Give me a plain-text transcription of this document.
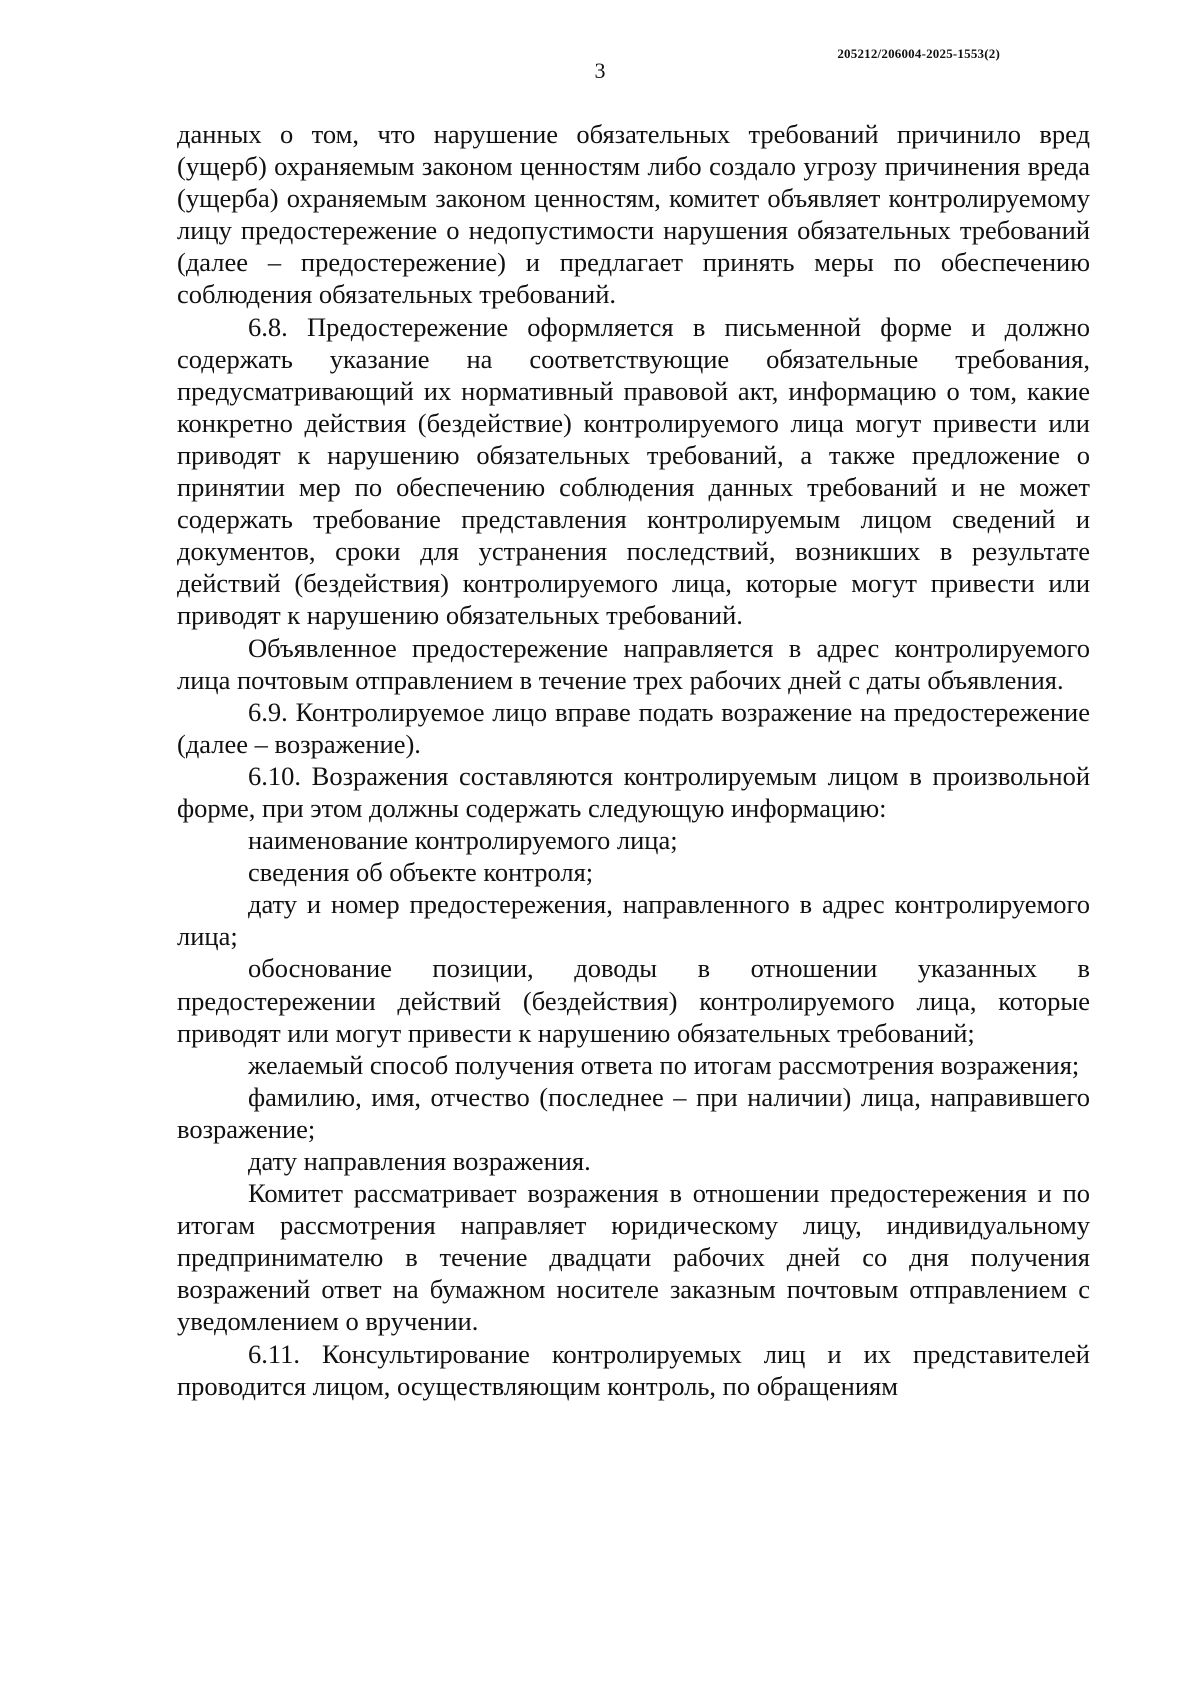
205212/206004-2025-1553(2)
3

данных о том, что нарушение обязательных требований причинило вред (ущерб) охраняемым законом ценностям либо создало угрозу причинения вреда (ущерба) охраняемым законом ценностям, комитет объявляет контролируемому лицу предостережение о недопустимости нарушения обязательных требований (далее – предостережение) и предлагает принять меры по обеспечению соблюдения обязательных требований.

6.8. Предостережение оформляется в письменной форме и должно содержать указание на соответствующие обязательные требования, предусматривающий их нормативный правовой акт, информацию о том, какие конкретно действия (бездействие) контролируемого лица могут привести или приводят к нарушению обязательных требований, а также предложение о принятии мер по обеспечению соблюдения данных требований и не может содержать требование представления контролируемым лицом сведений и документов, сроки для устранения последствий, возникших в результате действий (бездействия) контролируемого лица, которые могут привести или приводят к нарушению обязательных требований.

Объявленное предостережение направляется в адрес контролируемого лица почтовым отправлением в течение трех рабочих дней с даты объявления.

6.9. Контролируемое лицо вправе подать возражение на предостережение (далее – возражение).

6.10. Возражения составляются контролируемым лицом в произвольной форме, при этом должны содержать следующую информацию:

наименование контролируемого лица;

сведения об объекте контроля;

дату и номер предостережения, направленного в адрес контролируемого лица;

обоснование позиции, доводы в отношении указанных в предостережении действий (бездействия) контролируемого лица, которые приводят или могут привести к нарушению обязательных требований;

желаемый способ получения ответа по итогам рассмотрения возражения;

фамилию, имя, отчество (последнее – при наличии) лица, направившего возражение;

дату направления возражения.

Комитет рассматривает возражения в отношении предостережения и по итогам рассмотрения направляет юридическому лицу, индивидуальному предпринимателю в течение двадцати рабочих дней со дня получения возражений ответ на бумажном носителе заказным почтовым отправлением с уведомлением о вручении.

6.11. Консультирование контролируемых лиц и их представителей проводится лицом, осуществляющим контроль, по обращениям
